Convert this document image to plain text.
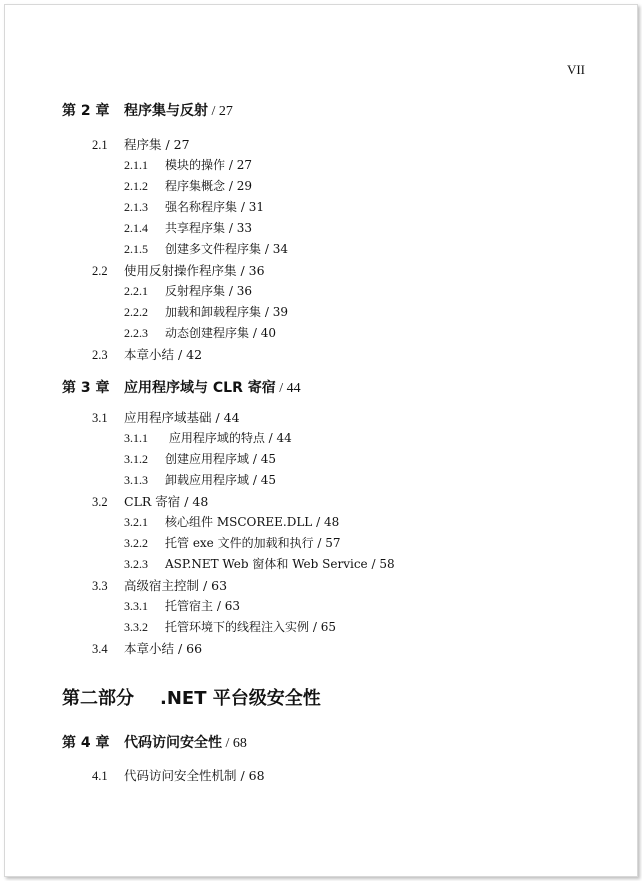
VII
第 2 章 程序集与反射 / 27
2.1 程序集 / 27
2.1.1 模块的操作 / 27
2.1.2 程序集概念 / 29
2.1.3 强名称程序集 / 31
2.1.4 共享程序集 / 33
2.1.5 创建多文件程序集 / 34
2.2 使用反射操作程序集 / 36
2.2.1 反射程序集 / 36
2.2.2 加载和卸载程序集 / 39
2.2.3 动态创建程序集 / 40
2.3 本章小结 / 42
第 3 章 应用程序域与 CLR 寄宿 / 44
3.1 应用程序域基础 / 44
3.1.1 应用程序域的特点 / 44
3.1.2 创建应用程序域 / 45
3.1.3 卸载应用程序域 / 45
3.2 CLR 寄宿 / 48
3.2.1 核心组件 MSCOREE.DLL / 48
3.2.2 托管 exe 文件的加载和执行 / 57
3.2.3 ASP.NET Web 窗体和 Web Service / 58
3.3 高级宿主控制 / 63
3.3.1 托管宿主 / 63
3.3.2 托管环境下的线程注入实例 / 65
3.4 本章小结 / 66
第二部分 .NET 平台级安全性
第 4 章 代码访问安全性 / 68
4.1 代码访问安全性机制 / 68
